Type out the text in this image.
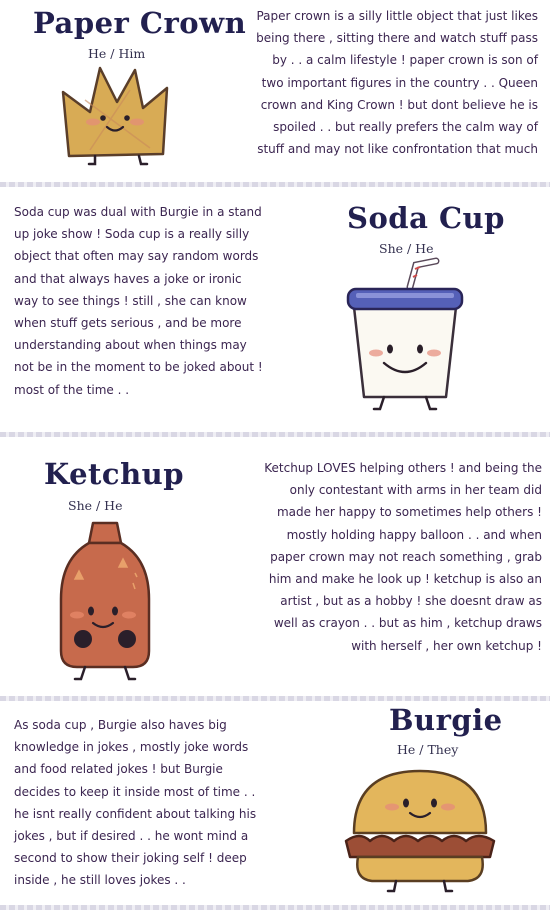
Paper Crown
He / Him

Paper crown is a silly little object that just likes being there , sitting there and watch stuff pass by . . a calm lifestyle ! paper crown is son of two important figures in the country . . Queen crown and King Crown ! but dont believe he is spoiled . . but really prefers the calm way of stuff and may not like confrontation that much

Soda cup was dual with Burgie in a stand up joke show ! Soda cup is a really silly object that often may say random words and that always haves a joke or ironic way to see things ! still , she can know when stuff gets serious , and be more understanding about when things may not be in the moment to be joked about ! most of the time . .

Soda Cup
She / He
Ketchup
She / He

Ketchup LOVES helping others ! and being the only contestant with arms in her team did made her happy to sometimes help others ! mostly holding happy balloon . . and when paper crown may not reach something , grab him and make he look up ! ketchup is also an artist , but as a hobby ! she doesnt draw as well as crayon . . but as him , ketchup draws with herself , her own ketchup !

As soda cup , Burgie also haves big knowledge in jokes , mostly joke words and food related jokes ! but Burgie decides to keep it inside most of time . . he isnt really confident about talking his jokes , but if desired . . he wont mind a second to show their joking self ! deep inside , he still loves jokes . .

Burgie
He / They
